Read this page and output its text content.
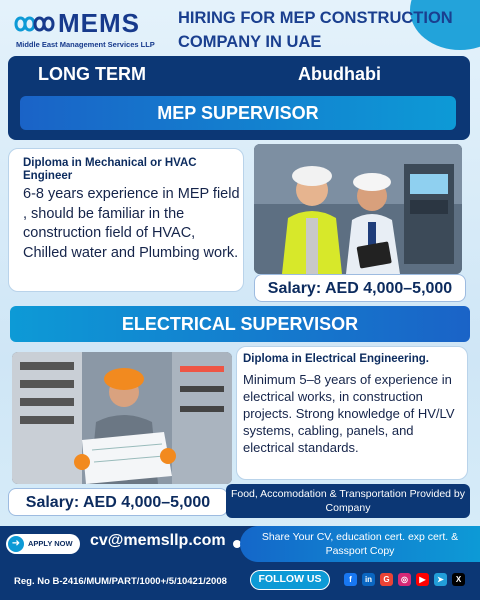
MEMS
Middle East Management Services LLP
HIRING FOR MEP CONSTRUCTION COMPANY IN UAE
LONG TERM	Abudhabi
MEP SUPERVISOR
Diploma in Mechanical or HVAC Engineer
6-8 years experience in MEP field , should be familiar in the construction field of HVAC, Chilled water and Plumbing work.
Salary: AED 4,000–5,000
ELECTRICAL SUPERVISOR
Diploma in Electrical Engineering.
Minimum 5–8 years of experience in electrical works, in construction projects. Strong knowledge of HV/LV systems, cabling, panels, and electrical standards.
Salary: AED 4,000–5,000	Food, Accomodation & Transportation Provided by Company
APPLY NOW
➜	cv@memsllp.com	Share Your CV, education cert. exp cert. & Passport Copy
Reg. No B-2416/MUM/PART/1000+/5/10421/2008	FOLLOW US	f	in	G	◎	▶	➤	X
